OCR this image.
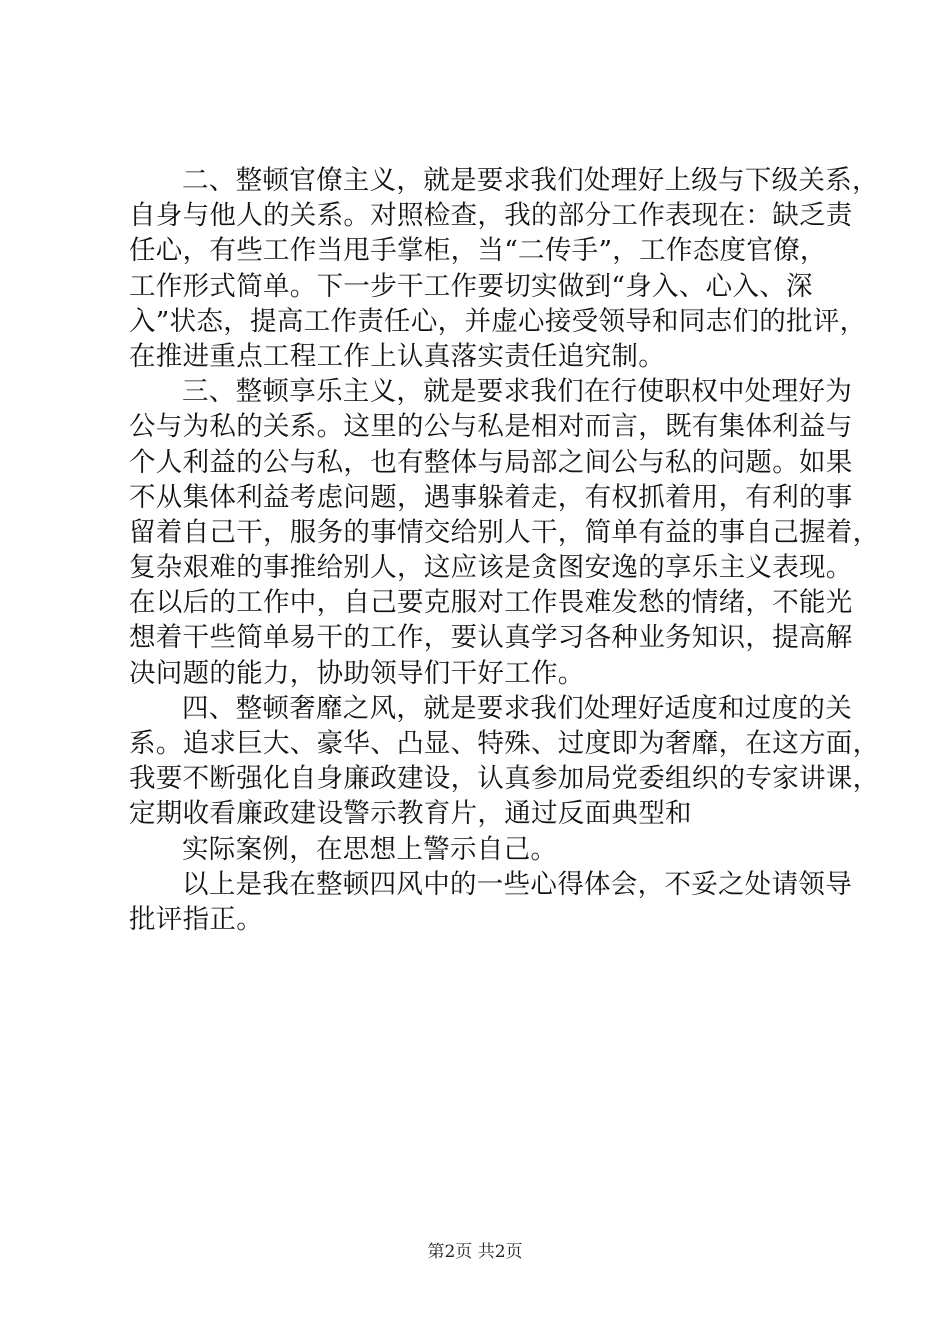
二、整顿官僚主义，就是要求我们处理好上级与下级关系，
自身与他人的关系。对照检查，我的部分工作表现在：缺乏责
任心，有些工作当甩手掌柜，当“二传手”，工作态度官僚，
工作形式简单。下一步干工作要切实做到“身入、心入、深
入”状态，提高工作责任心，并虚心接受领导和同志们的批评，
在推进重点工程工作上认真落实责任追究制。
三、整顿享乐主义，就是要求我们在行使职权中处理好为
公与为私的关系。这里的公与私是相对而言，既有集体利益与
个人利益的公与私，也有整体与局部之间公与私的问题。如果
不从集体利益考虑问题，遇事躲着走，有权抓着用，有利的事
留着自己干，服务的事情交给别人干，简单有益的事自己握着，
复杂艰难的事推给别人，这应该是贪图安逸的享乐主义表现。
在以后的工作中，自己要克服对工作畏难发愁的情绪，不能光
想着干些简单易干的工作，要认真学习各种业务知识，提高解
决问题的能力，协助领导们干好工作。
四、整顿奢靡之风，就是要求我们处理好适度和过度的关
系。追求巨大、豪华、凸显、特殊、过度即为奢靡，在这方面，
我要不断强化自身廉政建设，认真参加局党委组织的专家讲课，
定期收看廉政建设警示教育片，通过反面典型和
实际案例，在思想上警示自己。
以上是我在整顿四风中的一些心得体会，不妥之处请领导
批评指正。
第2页 共2页
